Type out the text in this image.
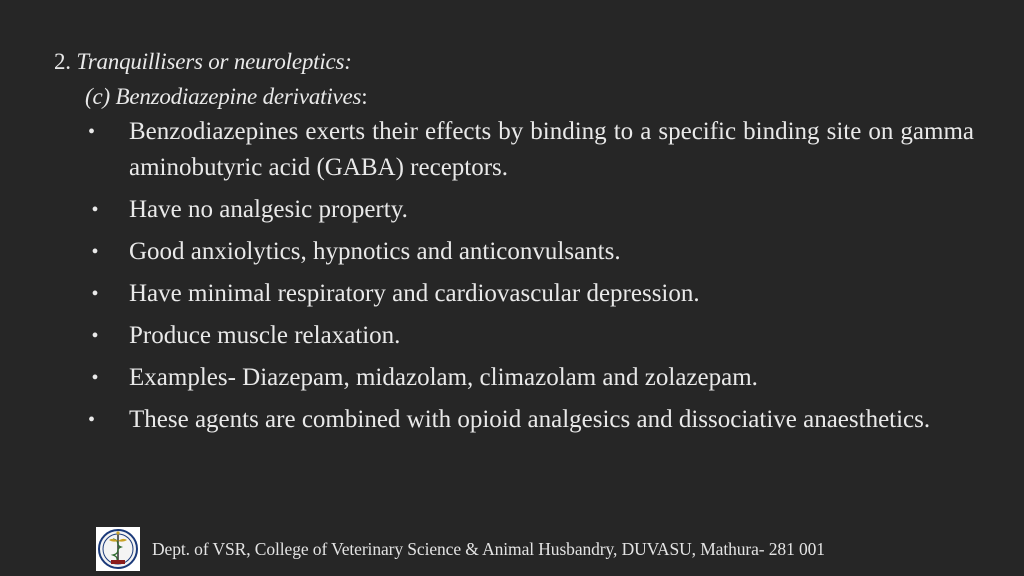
2. Tranquillisers or neuroleptics:
(c) Benzodiazepine derivatives:
• Benzodiazepines exerts their effects by binding to a specific binding site on gamma aminobutyric acid (GABA) receptors.
• Have no analgesic property.
• Good anxiolytics, hypnotics and anticonvulsants.
• Have minimal respiratory and cardiovascular depression.
• Produce muscle relaxation.
• Examples- Diazepam, midazolam, climazolam and zolazepam.
• These agents are combined with opioid analgesics and dissociative anaesthetics.
Dept. of VSR, College of Veterinary Science & Animal Husbandry, DUVASU, Mathura- 281 001
